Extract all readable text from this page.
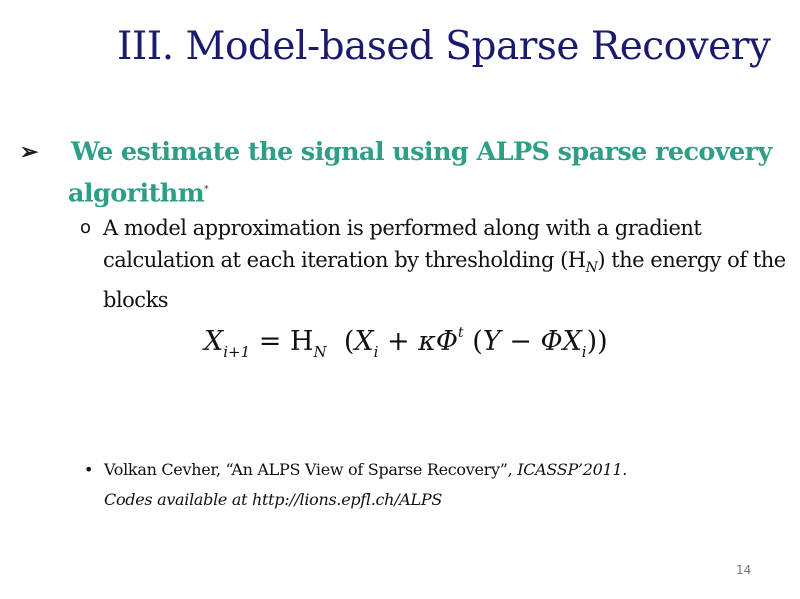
III. Model-based Sparse Recovery
➢ We estimate the signal using ALPS sparse recovery
algorithm*
o A model approximation is performed along with a gradient calculation at each iteration by thresholding $(H_N)$ the energy of the blocks
$X_{i+1} = H_N$  ($X_i + \kappa\Phi^t$ $(Y - \Phi X_i)$)
• Volkan Cevher, “An ALPS View of Sparse Recovery”, ICASSP’2011.
Codes available at http://lions.epfl.ch/ALPS
14
